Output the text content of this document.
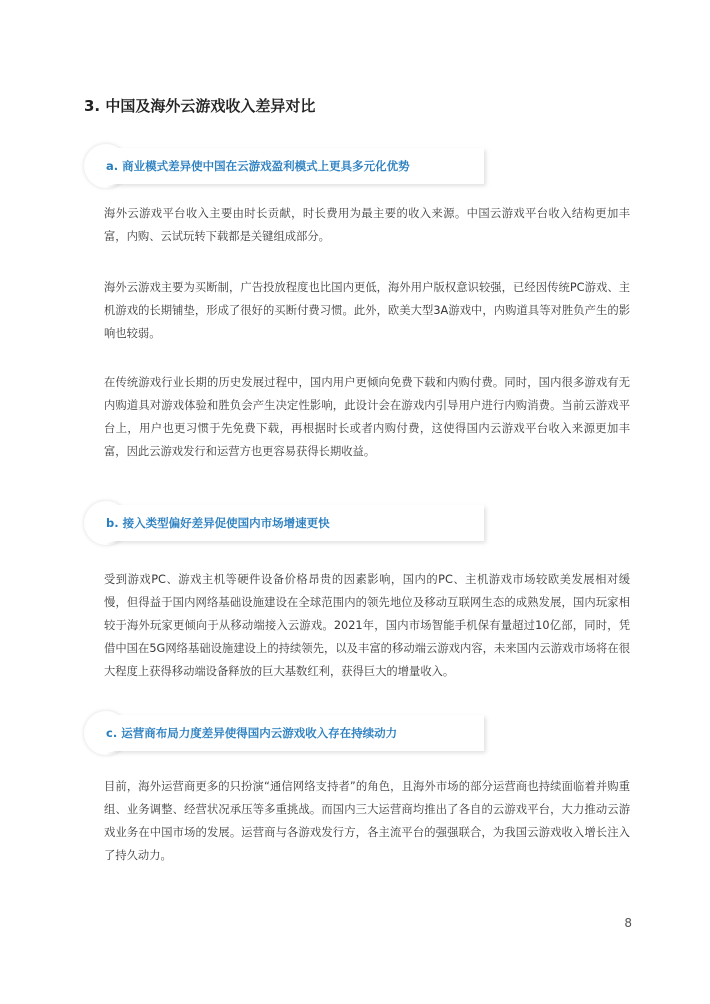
3. 中国及海外云游戏收入差异对比
a. 商业模式差异使中国在云游戏盈利模式上更具多元化优势

海外云游戏平台收入主要由时长贡献，时长费用为最主要的收入来源。中国云游戏平台收入结构更加丰富，内购、云试玩转下载都是关键组成部分。

海外云游戏主要为买断制，广告投放程度也比国内更低，海外用户版权意识较强，已经因传统PC游戏、主机游戏的长期铺垫，形成了很好的买断付费习惯。此外，欧美大型3A游戏中，内购道具等对胜负产生的影响也较弱。

在传统游戏行业长期的历史发展过程中，国内用户更倾向免费下载和内购付费。同时，国内很多游戏有无内购道具对游戏体验和胜负会产生决定性影响，此设计会在游戏内引导用户进行内购消费。当前云游戏平台上，用户也更习惯于先免费下载，再根据时长或者内购付费，这使得国内云游戏平台收入来源更加丰富，因此云游戏发行和运营方也更容易获得长期收益。

b. 接入类型偏好差异促使国内市场增速更快

受到游戏PC、游戏主机等硬件设备价格昂贵的因素影响，国内的PC、主机游戏市场较欧美发展相对缓慢，但得益于国内网络基础设施建设在全球范围内的领先地位及移动互联网生态的成熟发展，国内玩家相较于海外玩家更倾向于从移动端接入云游戏。2021年，国内市场智能手机保有量超过10亿部，同时，凭借中国在5G网络基础设施建设上的持续领先，以及丰富的移动端云游戏内容，未来国内云游戏市场将在很大程度上获得移动端设备释放的巨大基数红利，获得巨大的增量收入。

c. 运营商布局力度差异使得国内云游戏收入存在持续动力

目前，海外运营商更多的只扮演“通信网络支持者”的角色，且海外市场的部分运营商也持续面临着并购重组、业务调整、经营状况承压等多重挑战。而国内三大运营商均推出了各自的云游戏平台，大力推动云游戏业务在中国市场的发展。运营商与各游戏发行方，各主流平台的强强联合，为我国云游戏收入增长注入了持久动力。

8
